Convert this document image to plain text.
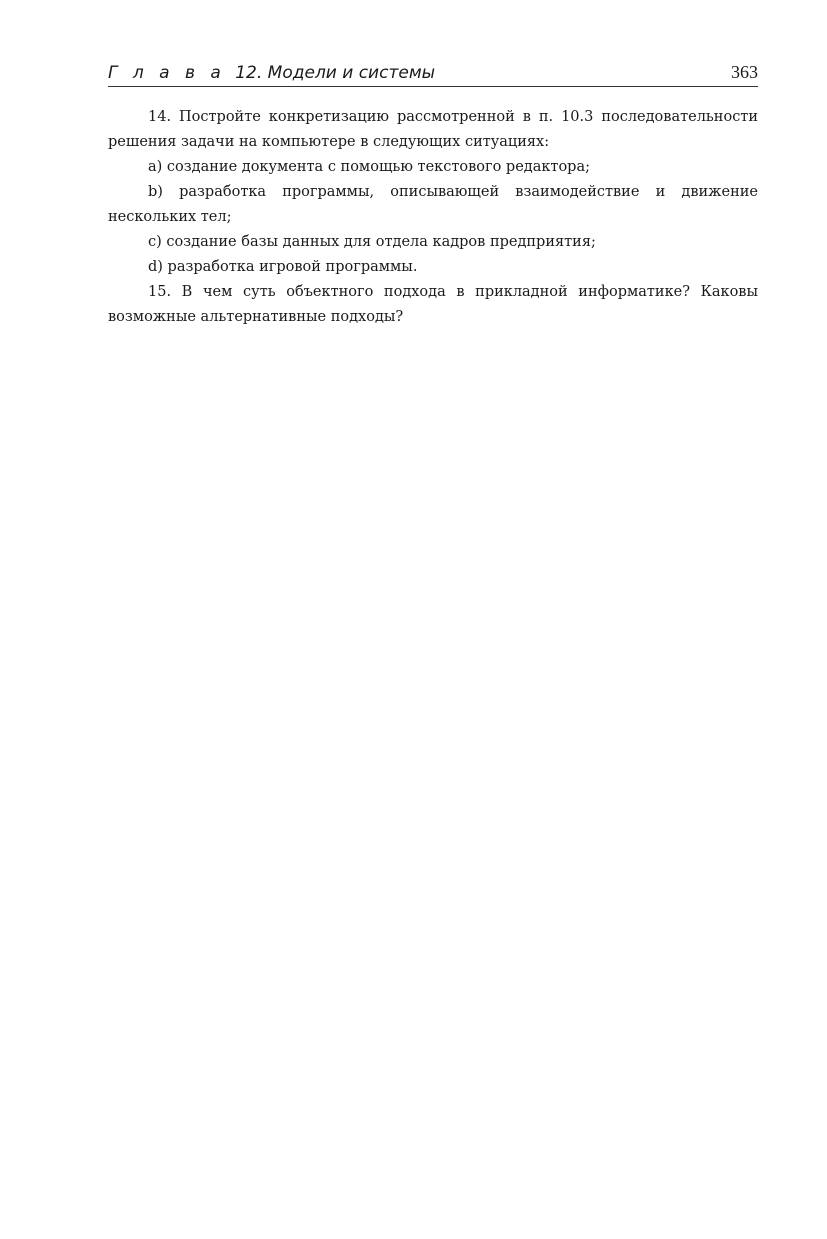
Г л а в а 12. Модели и системы	363

14. Постройте конкретизацию рассмотренной в п. 10.3 последовательности решения задачи на компьютере в следующих ситуациях:

a) создание документа с помощью текстового редактора;

b) разработка программы, описывающей взаимодействие и движение нескольких тел;

c) создание базы данных для отдела кадров предприятия;

d) разработка игровой программы.

15. В чем суть объектного подхода в прикладной информатике? Каковы возможные альтернативные подходы?
